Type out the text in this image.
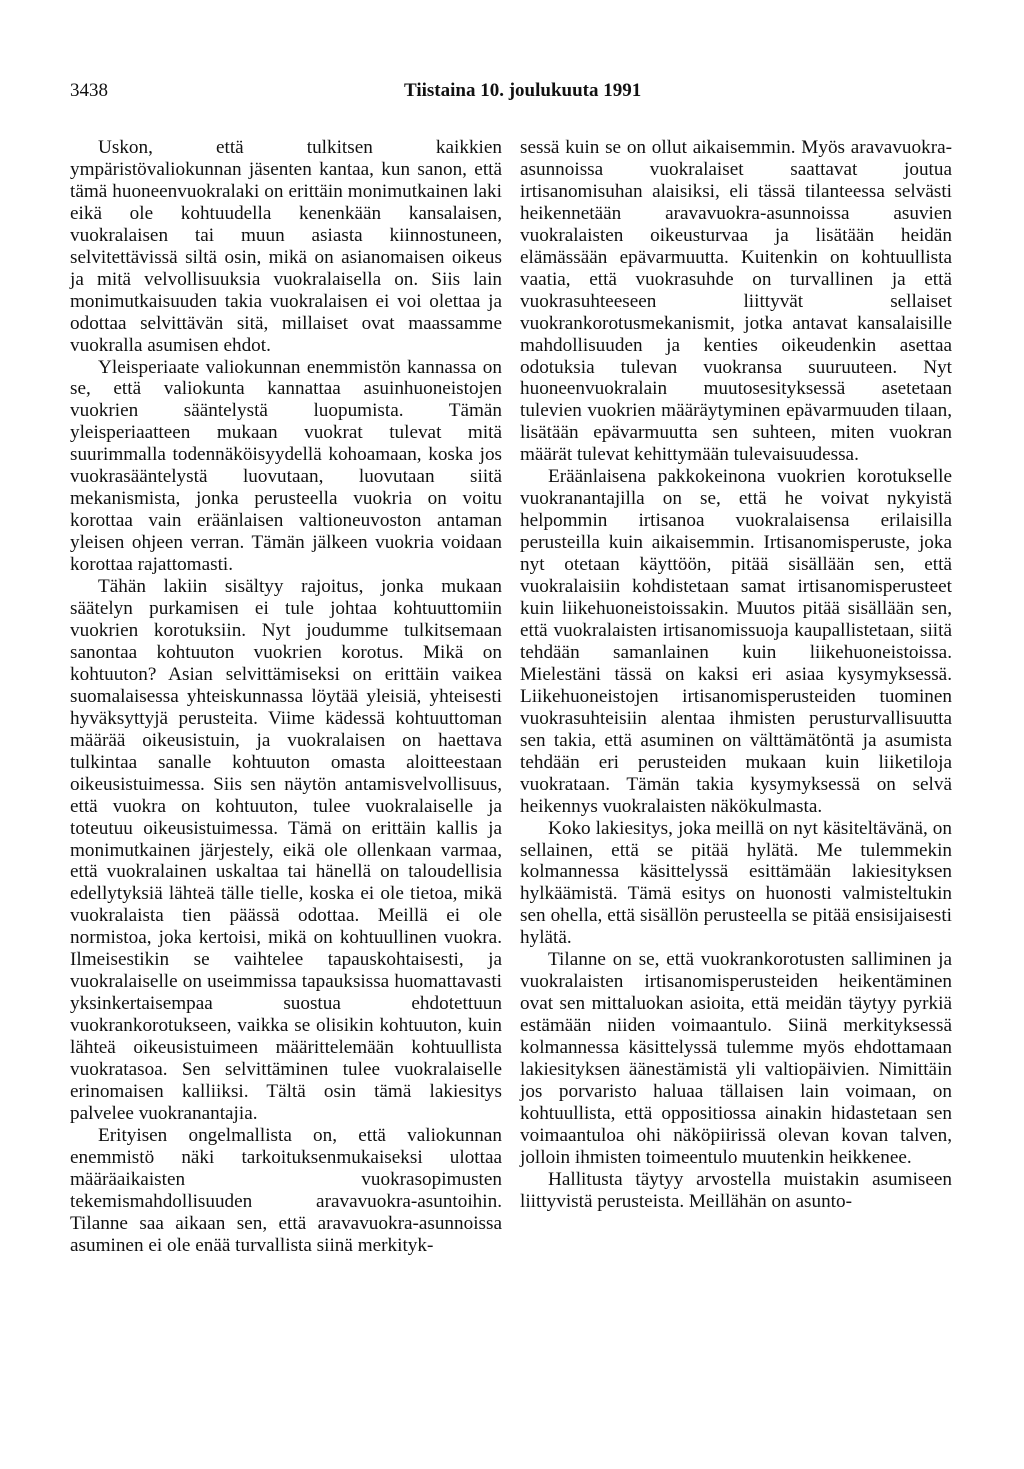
3438	Tiistaina 10. joulukuuta 1991

Uskon, että tulkitsen kaikkien ympäristövaliokunnan jäsenten kantaa, kun sanon, että tämä huoneenvuokralaki on erittäin monimutkainen laki eikä ole kohtuudella kenenkään kansalaisen, vuokralaisen tai muun asiasta kiinnostuneen, selvitettävissä siltä osin, mikä on asianomaisen oikeus ja mitä velvollisuuksia vuokralaisella on. Siis lain monimutkaisuuden takia vuokralaisen ei voi olettaa ja odottaa selvittävän sitä, millaiset ovat maassamme vuokralla asumisen ehdot.

Yleisperiaate valiokunnan enemmistön kannassa on se, että valiokunta kannattaa asuinhuoneistojen vuokrien sääntelystä luopumista. Tämän yleisperiaatteen mukaan vuokrat tulevat mitä suurimmalla todennäköisyydellä kohoamaan, koska jos vuokrasääntelystä luovutaan, luovutaan siitä mekanismista, jonka perusteella vuokria on voitu korottaa vain eräänlaisen valtioneuvoston antaman yleisen ohjeen verran. Tämän jälkeen vuokria voidaan korottaa rajattomasti.

Tähän lakiin sisältyy rajoitus, jonka mukaan säätelyn purkamisen ei tule johtaa kohtuuttomiin vuokrien korotuksiin. Nyt joudumme tulkitsemaan sanontaa kohtuuton vuokrien korotus. Mikä on kohtuuton? Asian selvittämiseksi on erittäin vaikea suomalaisessa yhteiskunnassa löytää yleisiä, yhteisesti hyväksyttyjä perusteita. Viime kädessä kohtuuttoman määrää oikeusistuin, ja vuokralaisen on haettava tulkintaa sanalle kohtuuton omasta aloitteestaan oikeusistuimessa. Siis sen näytön antamisvelvollisuus, että vuokra on kohtuuton, tulee vuokralaiselle ja toteutuu oikeusistuimessa. Tämä on erittäin kallis ja monimutkainen järjestely, eikä ole ollenkaan varmaa, että vuokralainen uskaltaa tai hänellä on taloudellisia edellytyksiä lähteä tälle tielle, koska ei ole tietoa, mikä vuokralaista tien päässä odottaa. Meillä ei ole normistoa, joka kertoisi, mikä on kohtuullinen vuokra. Ilmeisestikin se vaihtelee tapauskohtaisesti, ja vuokralaiselle on useimmissa tapauksissa huomattavasti yksinkertaisempaa suostua ehdotettuun vuokrankorotukseen, vaikka se olisikin kohtuuton, kuin lähteä oikeusistuimeen määrittelemään kohtuullista vuokratasoa. Sen selvittäminen tulee vuokralaiselle erinomaisen kalliiksi. Tältä osin tämä lakiesitys palvelee vuokranantajia.

Erityisen ongelmallista on, että valiokunnan enemmistö näki tarkoituksenmukaiseksi ulottaa määräaikaisten vuokrasopimusten tekemismahdollisuuden aravavuokra-asuntoihin. Tilanne saa aikaan sen, että aravavuokra-asunnoissa asuminen ei ole enää turvallista siinä merkityk-

sessä kuin se on ollut aikaisemmin. Myös aravavuokra-asunnoissa vuokralaiset saattavat joutua irtisanomisuhan alaisiksi, eli tässä tilanteessa selvästi heikennetään aravavuokra-asunnoissa asuvien vuokralaisten oikeusturvaa ja lisätään heidän elämässään epävarmuutta. Kuitenkin on kohtuullista vaatia, että vuokrasuhde on turvallinen ja että vuokrasuhteeseen liittyvät sellaiset vuokrankorotusmekanismit, jotka antavat kansalaisille mahdollisuuden ja kenties oikeudenkin asettaa odotuksia tulevan vuokransa suuruuteen. Nyt huoneenvuokralain muutosesityksessä asetetaan tulevien vuokrien määräytyminen epävarmuuden tilaan, lisätään epävarmuutta sen suhteen, miten vuokran määrät tulevat kehittymään tulevaisuudessa.

Eräänlaisena pakkokeinona vuokrien korotukselle vuokranantajilla on se, että he voivat nykyistä helpommin irtisanoa vuokralaisensa erilaisilla perusteilla kuin aikaisemmin. Irtisanomisperuste, joka nyt otetaan käyttöön, pitää sisällään sen, että vuokralaisiin kohdistetaan samat irtisanomisperusteet kuin liikehuoneistoissakin. Muutos pitää sisällään sen, että vuokralaisten irtisanomissuoja kaupallistetaan, siitä tehdään samanlainen kuin liikehuoneistoissa. Mielestäni tässä on kaksi eri asiaa kysymyksessä. Liikehuoneistojen irtisanomisperusteiden tuominen vuokrasuhteisiin alentaa ihmisten perusturvallisuutta sen takia, että asuminen on välttämätöntä ja asumista tehdään eri perusteiden mukaan kuin liiketiloja vuokrataan. Tämän takia kysymyksessä on selvä heikennys vuokralaisten näkökulmasta.

Koko lakiesitys, joka meillä on nyt käsiteltävänä, on sellainen, että se pitää hylätä. Me tulemmekin kolmannessa käsittelyssä esittämään lakiesityksen hylkäämistä. Tämä esitys on huonosti valmisteltukin sen ohella, että sisällön perusteella se pitää ensisijaisesti hylätä.

Tilanne on se, että vuokrankorotusten salliminen ja vuokralaisten irtisanomisperusteiden heikentäminen ovat sen mittaluokan asioita, että meidän täytyy pyrkiä estämään niiden voimaantulo. Siinä merkityksessä kolmannessa käsittelyssä tulemme myös ehdottamaan lakiesityksen äänestämistä yli valtiopäivien. Nimittäin jos porvaristo haluaa tällaisen lain voimaan, on kohtuullista, että oppositiossa ainakin hidastetaan sen voimaantuloa ohi näköpiirissä olevan kovan talven, jolloin ihmisten toimeentulo muutenkin heikkenee.

Hallitusta täytyy arvostella muistakin asumiseen liittyvistä perusteista. Meillähän on asunto-
